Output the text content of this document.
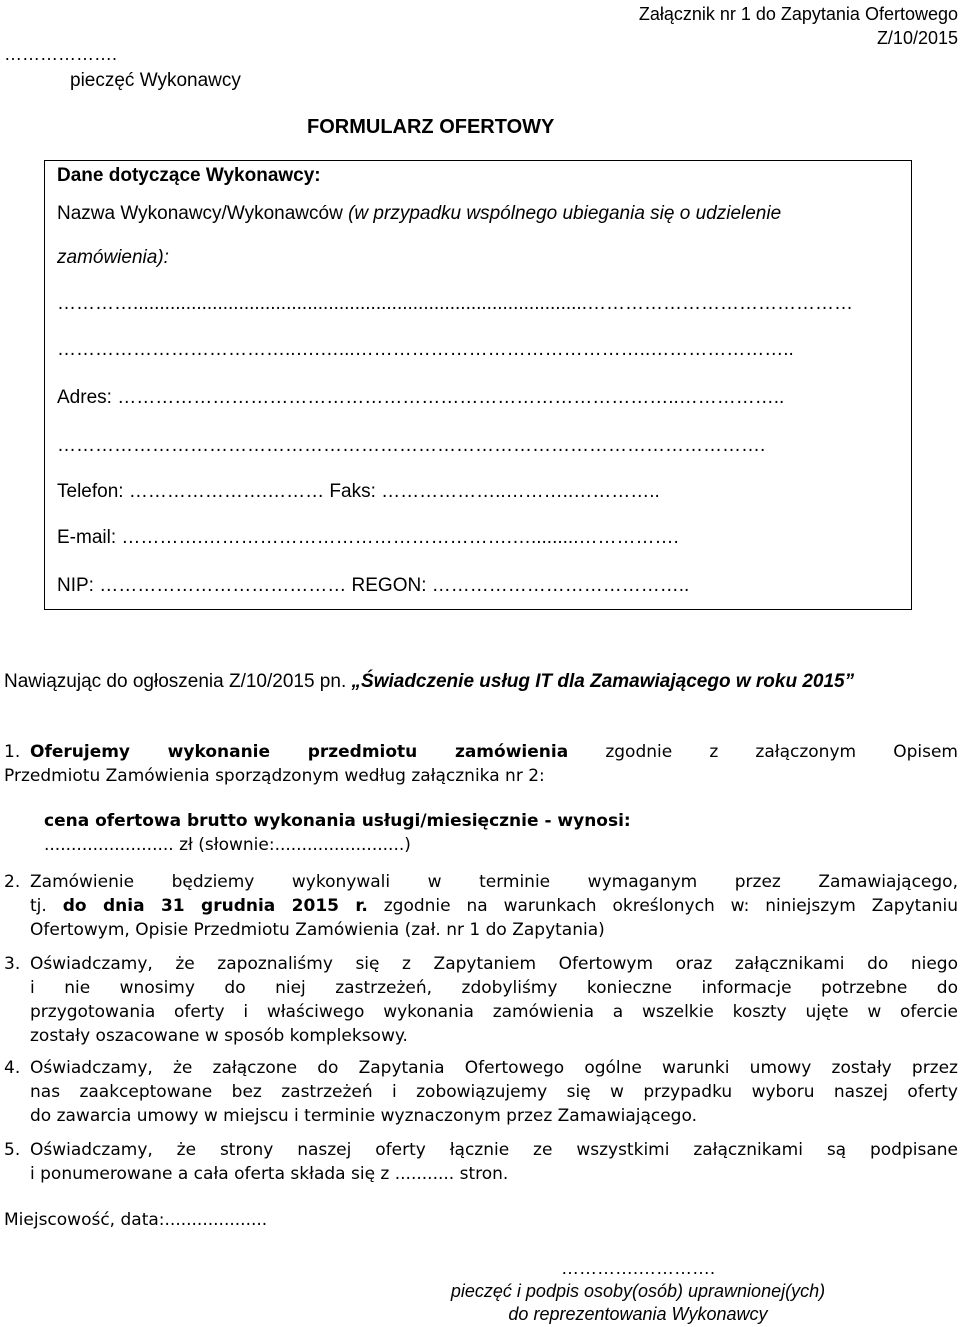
Załącznik nr 1 do Zapytania Ofertowego
Z/10/2015
……………….
pieczęć Wykonawcy
FORMULARZ OFERTOWY
Dane dotyczące Wykonawcy:
Nazwa Wykonawcy/Wykonawców (w przypadku wspólnego ubiegania się o udzielenie
zamówienia):
…………......................................................................................……………………………………
………………………………..….…...………………………………………..…………………..
Adres: ……………………………………………………………………………..……………..
………………………………………………………………………………………………….
Telefon: ………………….……… Faks: ………………..………..…………..
E-mail: ………….………………………………………….….........…………….
NIP: ………………………………… REGON: …………………………………..
Nawiązując do ogłoszenia Z/10/2015 pn. „Świadczenie usług IT dla Zamawiającego w roku 2015”
1. Oferujemy wykonanie przedmiotu zamówienia zgodnie z załączonym Opisem
Przedmiotu Zamówienia sporządzonym według załącznika nr 2:
cena ofertowa brutto wykonania usługi/miesięcznie - wynosi:
........................ zł (słownie:........................)
2. Zamówienie będziemy wykonywali w terminie wymaganym przez Zamawiającego,
tj. do dnia 31 grudnia 2015 r. zgodnie na warunkach określonych w: niniejszym Zapytaniu
Ofertowym, Opisie Przedmiotu Zamówienia (zał. nr 1 do Zapytania)
3. Oświadczamy, że zapoznaliśmy się z Zapytaniem Ofertowym oraz załącznikami do niego
i nie wnosimy do niej zastrzeżeń, zdobyliśmy konieczne informacje potrzebne do
przygotowania oferty i właściwego wykonania zamówienia a wszelkie koszty ujęte w ofercie
zostały oszacowane w sposób kompleksowy.
4. Oświadczamy, że załączone do Zapytania Ofertowego ogólne warunki umowy zostały przez
nas zaakceptowane bez zastrzeżeń i zobowiązujemy się w przypadku wyboru naszej oferty
do zawarcia umowy w miejscu i terminie wyznaczonym przez Zamawiającego.
5. Oświadczamy, że strony naszej oferty łącznie ze wszystkimi załącznikami są podpisane
i ponumerowane a cała oferta składa się z ........... stron.
Miejscowość, data:...................
………….………….
pieczęć i podpis osoby(osób) uprawnionej(ych)
do reprezentowania Wykonawcy
